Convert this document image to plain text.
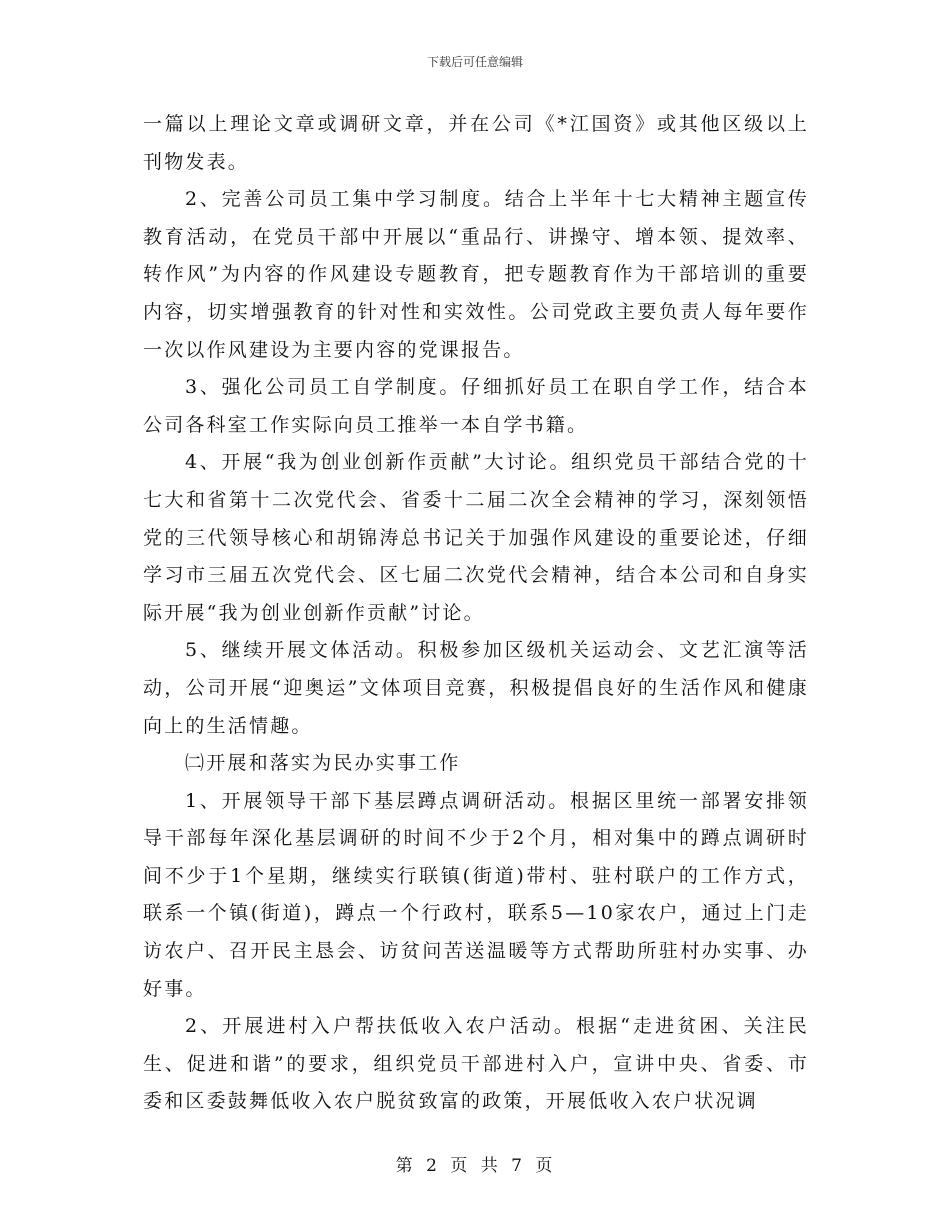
下载后可任意编辑

一篇以上理论文章或调研文章，并在公司《*江国资》或其他区级以上刊物发表。

2、完善公司员工集中学习制度。结合上半年十七大精神主题宣传教育活动，在党员干部中开展以“重品行、讲操守、增本领、提效率、转作风”为内容的作风建设专题教育，把专题教育作为干部培训的重要内容，切实增强教育的针对性和实效性。公司党政主要负责人每年要作一次以作风建设为主要内容的党课报告。

3、强化公司员工自学制度。仔细抓好员工在职自学工作，结合本公司各科室工作实际向员工推举一本自学书籍。

4、开展“我为创业创新作贡献”大讨论。组织党员干部结合党的十七大和省第十二次党代会、省委十二届二次全会精神的学习，深刻领悟党的三代领导核心和胡锦涛总书记关于加强作风建设的重要论述，仔细学习市三届五次党代会、区七届二次党代会精神，结合本公司和自身实际开展“我为创业创新作贡献”讨论。

5、继续开展文体活动。积极参加区级机关运动会、文艺汇演等活动，公司开展“迎奥运”文体项目竞赛，积极提倡良好的生活作风和健康向上的生活情趣。

㈡开展和落实为民办实事工作

1、开展领导干部下基层蹲点调研活动。根据区里统一部署安排领导干部每年深化基层调研的时间不少于2个月，相对集中的蹲点调研时间不少于1个星期，继续实行联镇(街道)带村、驻村联户的工作方式，联系一个镇(街道)，蹲点一个行政村，联系5—10家农户，通过上门走访农户、召开民主恳会、访贫问苦送温暖等方式帮助所驻村办实事、办好事。

2、开展进村入户帮扶低收入农户活动。根据“走进贫困、关注民生、促进和谐”的要求，组织党员干部进村入户，宣讲中央、省委、市委和区委鼓舞低收入农户脱贫致富的政策，开展低收入农户状况调

第 2 页 共 7 页
